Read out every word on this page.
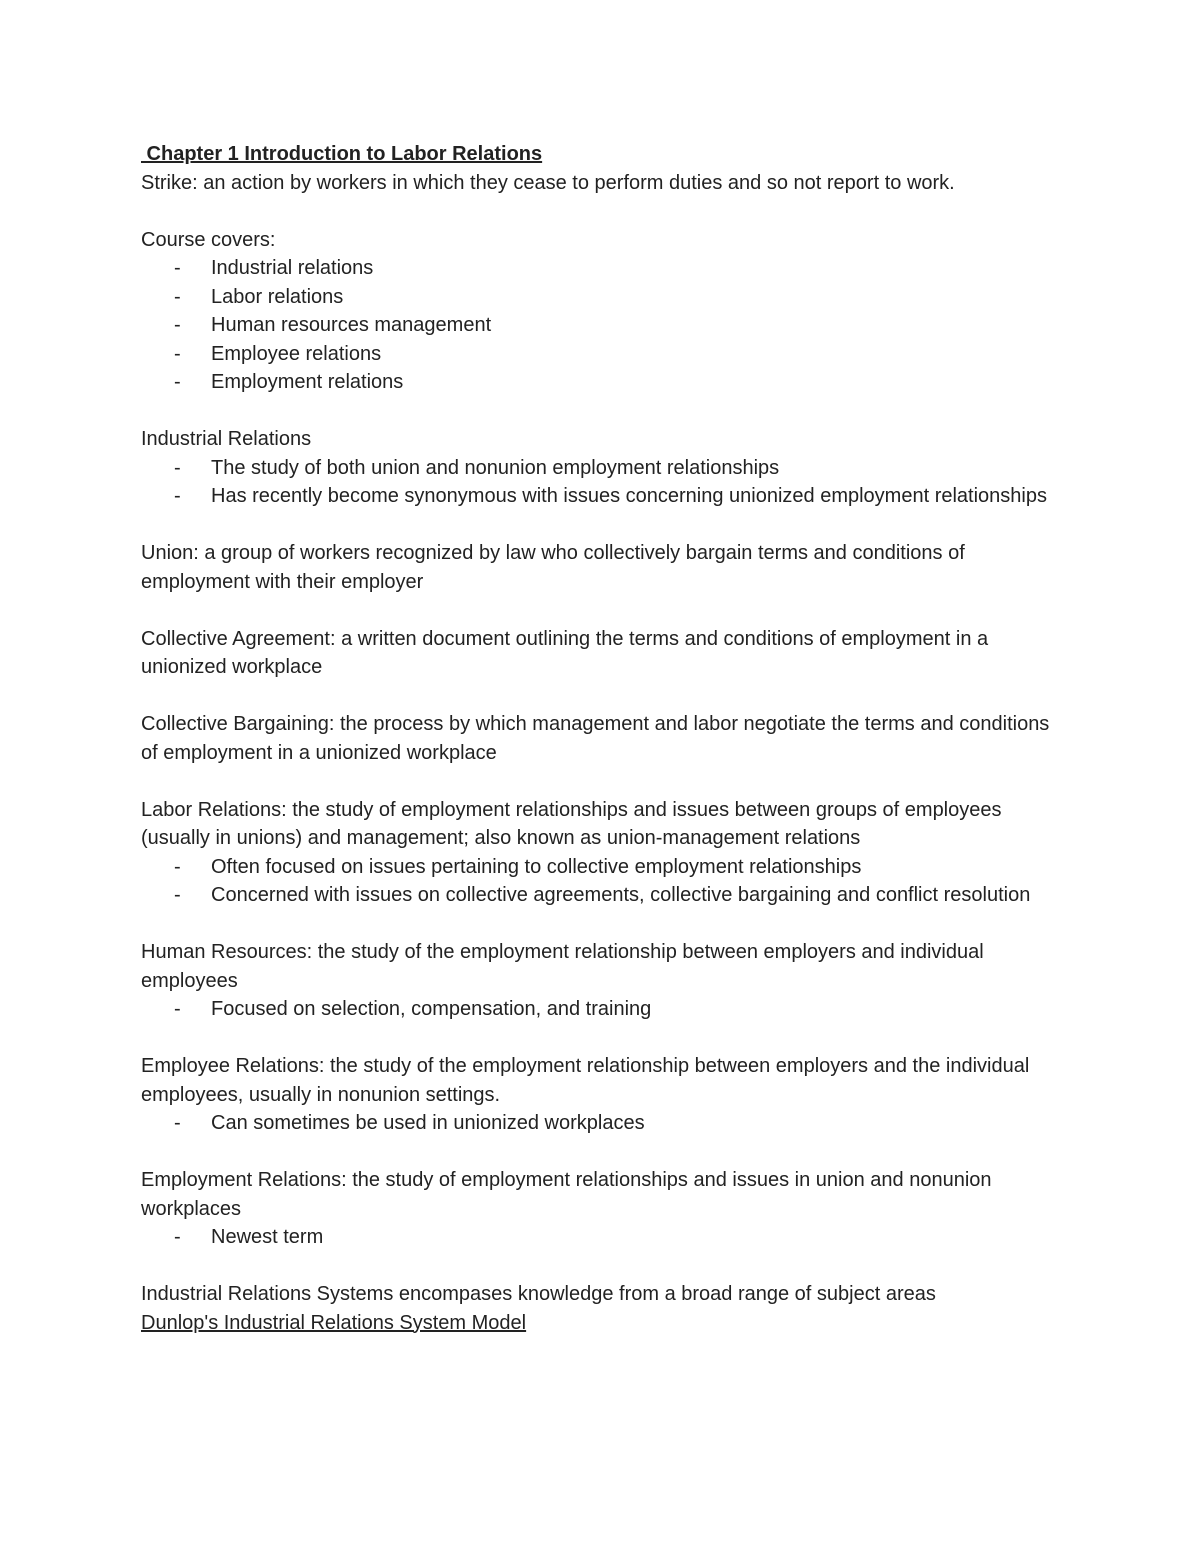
Chapter 1 Introduction to Labor Relations

Strike: an action by workers in which they cease to perform duties and so not report to work.

Course covers:

- Industrial relations
- Labor relations
- Human resources management
- Employee relations
- Employment relations

Industrial Relations

- The study of both union and nonunion employment relationships
- Has recently become synonymous with issues concerning unionized employment relationships

Union: a group of workers recognized by law who collectively bargain terms and conditions of employment with their employer

Collective Agreement: a written document outlining the terms and conditions of employment in a unionized workplace

Collective Bargaining: the process by which management and labor negotiate the terms and conditions of employment in a unionized workplace

Labor Relations: the study of employment relationships and issues between groups of employees (usually in unions) and management; also known as union-management relations

- Often focused on issues pertaining to collective employment relationships
- Concerned with issues on collective agreements, collective bargaining and conflict resolution

Human Resources: the study of the employment relationship between employers and individual employees

- Focused on selection, compensation, and training

Employee Relations: the study of the employment relationship between employers and the individual employees, usually in nonunion settings.

- Can sometimes be used in unionized workplaces

Employment Relations: the study of employment relationships and issues in union and nonunion workplaces

- Newest term

Industrial Relations Systems encompases knowledge from a broad range of subject areas

Dunlop's Industrial Relations System Model
